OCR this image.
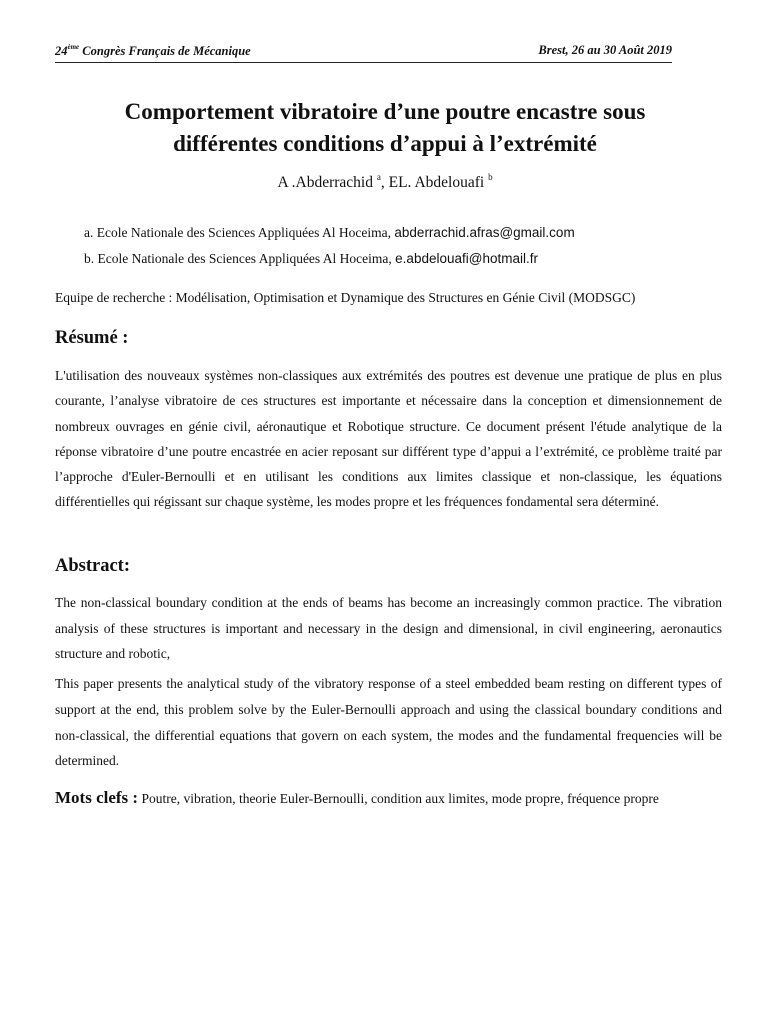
24ème Congrès Français de Mécanique	Brest, 26 au 30 Août 2019
Comportement vibratoire d’une poutre encastre sous
différentes conditions d’appui à l’extrémité
A .Abderrachid $^a$, EL. Abdelouafi $^b$
a. Ecole Nationale des Sciences Appliquées Al Hoceima, abderrachid.afras@gmail.com
b. Ecole Nationale des Sciences Appliquées Al Hoceima, e.abdelouafi@hotmail.fr
Equipe de recherche : Modélisation, Optimisation et Dynamique des Structures en Génie Civil (MODSGC)
Résumé :
L'utilisation des nouveaux systèmes non-classiques aux extrémités des poutres est devenue une pratique de plus en plus courante, l’analyse vibratoire de ces structures est importante et nécessaire dans la conception et dimensionnement de nombreux ouvrages en génie civil, aéronautique et Robotique structure. Ce document présent l'étude analytique de la réponse vibratoire d’une poutre encastrée en acier reposant sur différent type d’appui a l’extrémité, ce problème traité par l’approche d'Euler-Bernoulli et en utilisant les conditions aux limites classique et non-classique, les équations différentielles qui régissant sur chaque système, les modes propre et les fréquences fondamental sera déterminé.
Abstract:
The non-classical boundary condition at the ends of beams has become an increasingly common practice. The vibration analysis of these structures is important and necessary in the design and dimensional, in civil engineering, aeronautics structure and robotic,
This paper presents the analytical study of the vibratory response of a steel embedded beam resting on different types of support at the end, this problem solve by the Euler-Bernoulli approach and using the classical boundary conditions and non-classical, the differential equations that govern on each system, the modes and the fundamental frequencies will be determined.
Mots clefs : Poutre, vibration, theorie Euler-Bernoulli, condition aux limites, mode propre, fréquence propre
